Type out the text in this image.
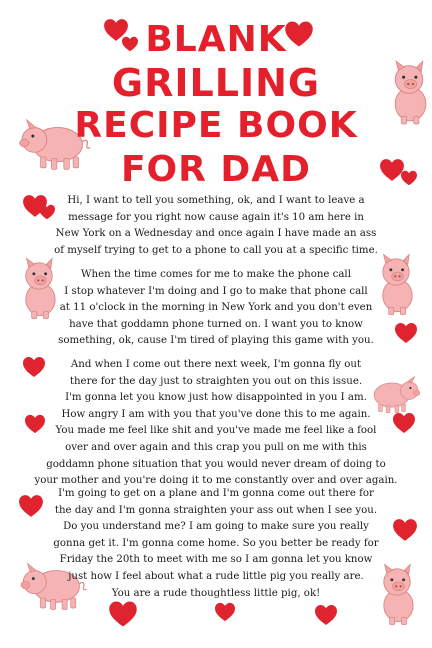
BLANK
GRILLING
RECIPE BOOK
FOR DAD
Hi, I want to tell you something, ok, and I want to leave a
message for you right now cause again it's 10 am here in
New York on a Wednesday and once again I have made an ass
of myself trying to get to a phone to call you at a specific time.
When the time comes for me to make the phone call
I stop whatever I'm doing and I go to make that phone call
at 11 o'clock in the morning in New York and you don't even
have that goddamn phone turned on. I want you to know
something, ok, cause I'm tired of playing this game with you.
And when I come out there next week, I'm gonna fly out
there for the day just to straighten you out on this issue.
I'm gonna let you know just how disappointed in you I am.
How angry I am with you that you've done this to me again.
You made me feel like shit and you've made me feel like a fool
over and over again and this crap you pull on me with this
goddamn phone situation that you would never dream of doing to
your mother and you're doing it to me constantly over and over again.
I'm going to get on a plane and I'm gonna come out there for
the day and I'm gonna straighten your ass out when I see you.
Do you understand me? I am going to make sure you really
gonna get it. I'm gonna come home. So you better be ready for
Friday the 20th to meet with me so I am gonna let you know
just how I feel about what a rude little pig you really are.
You are a rude thoughtless little pig, ok!
